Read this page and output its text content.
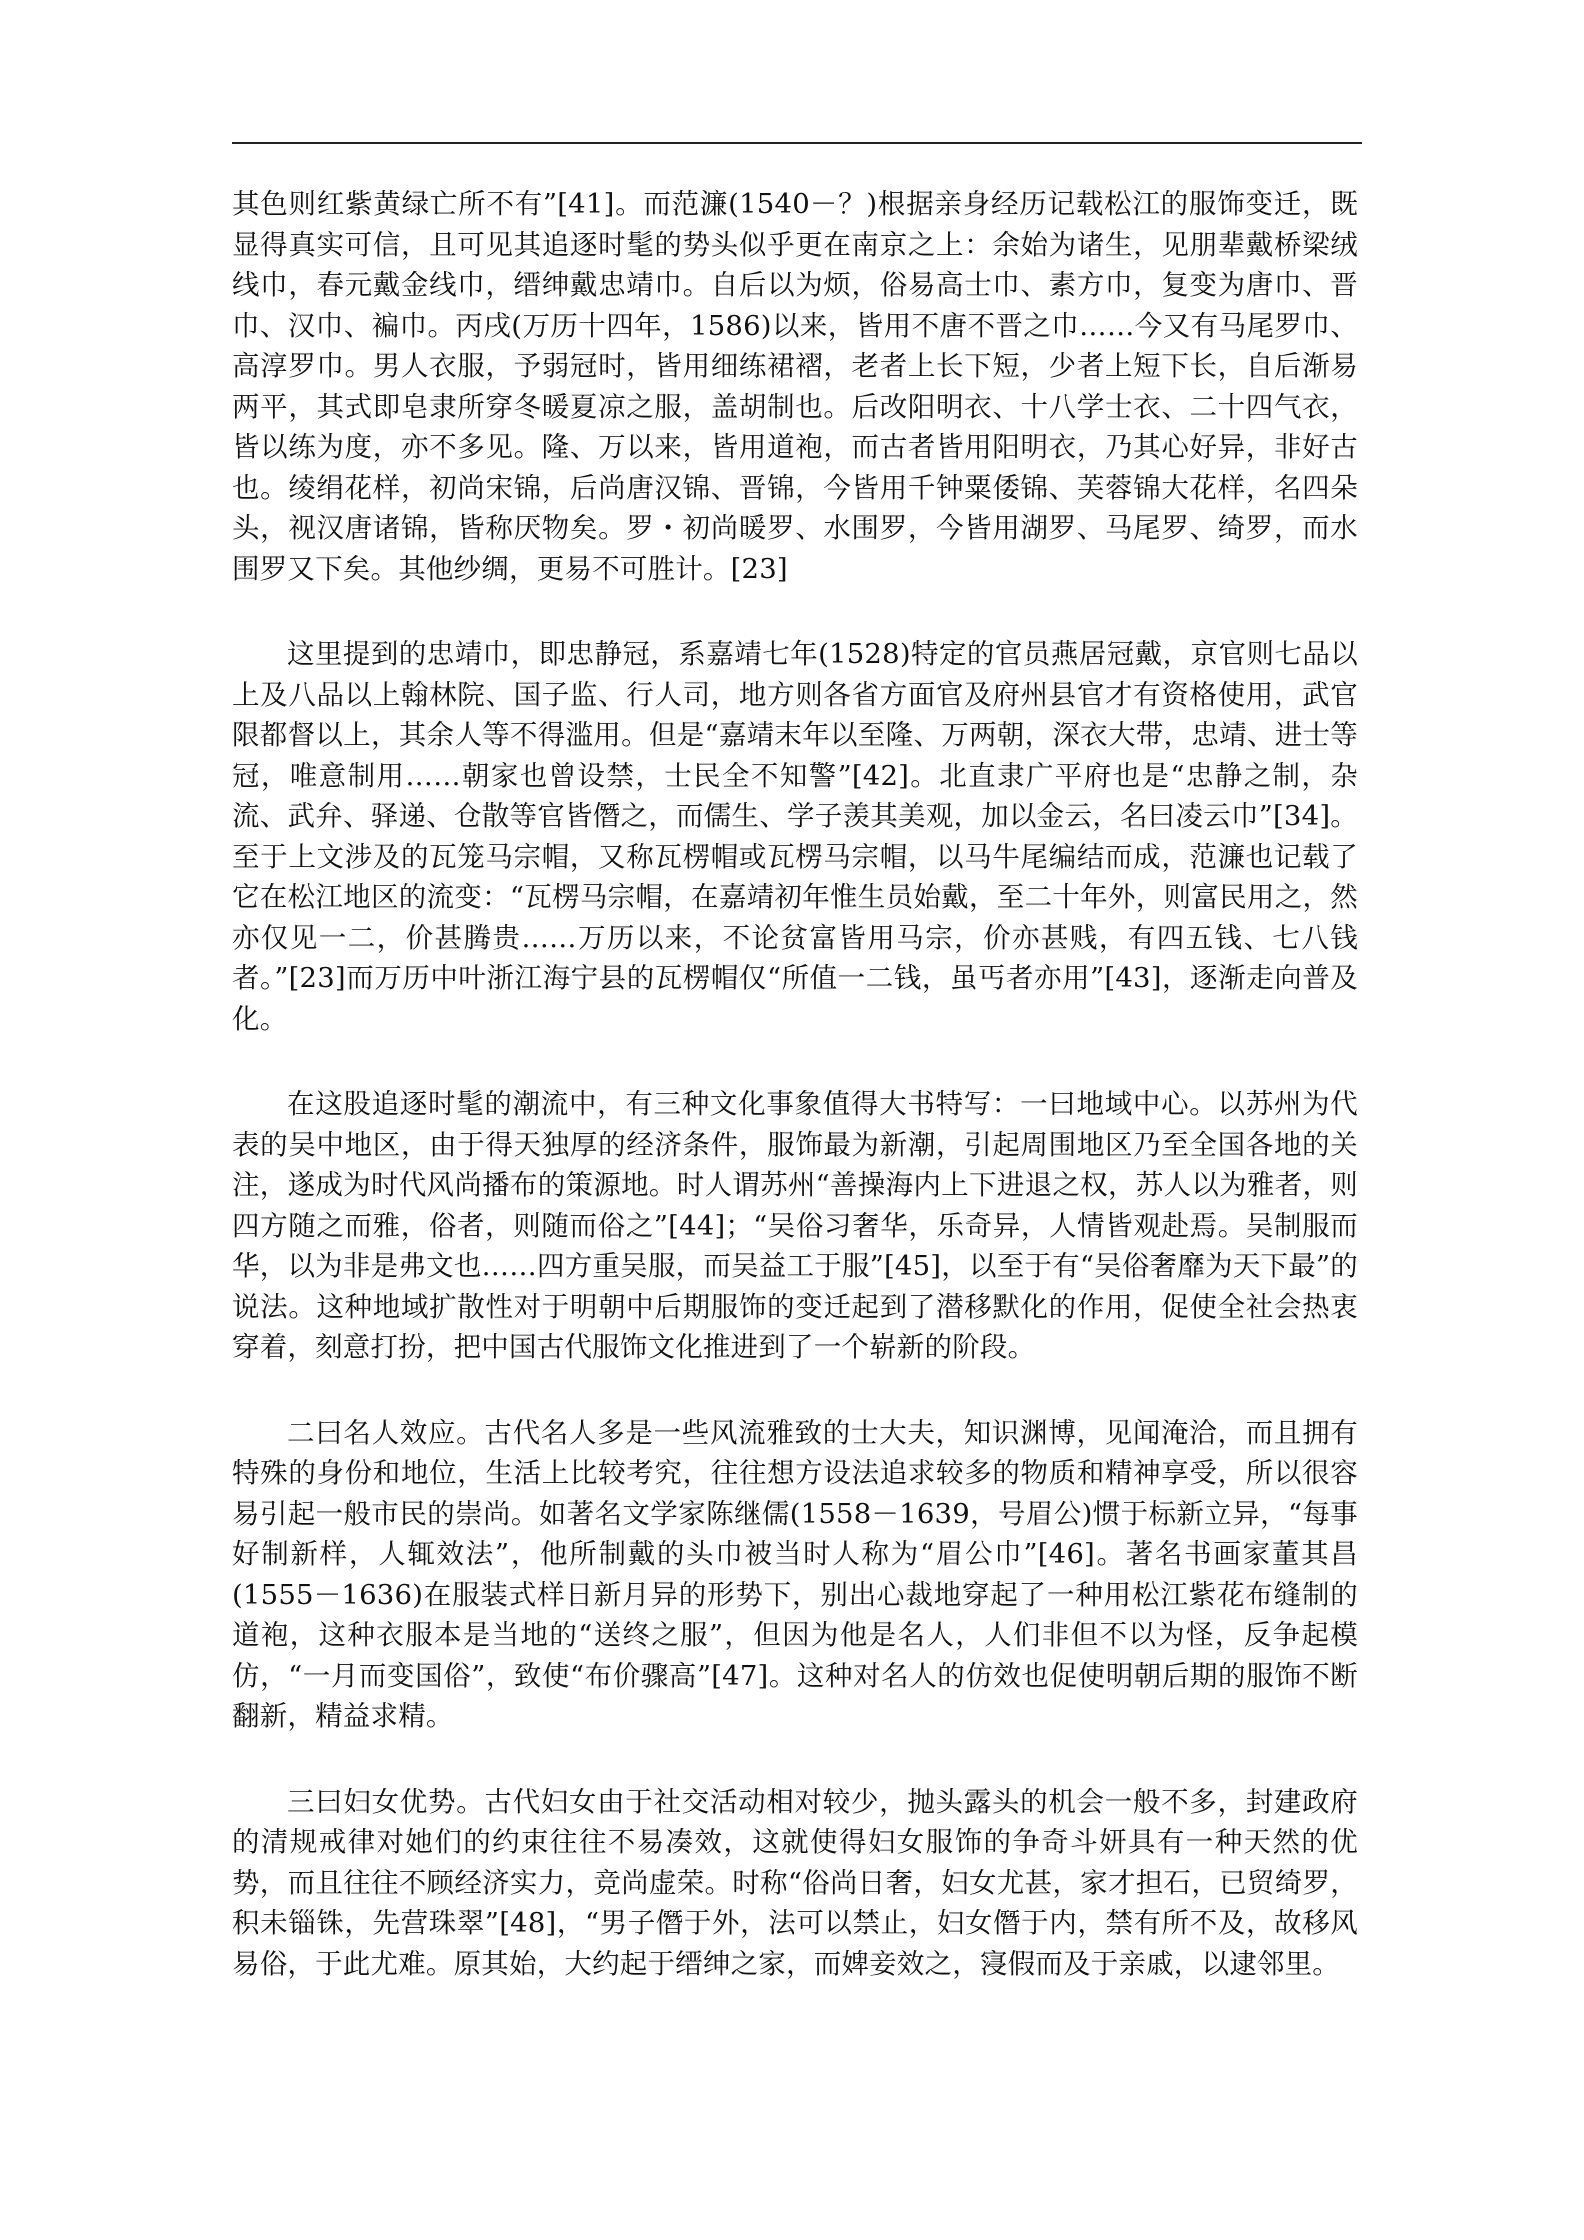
其色则红紫黄绿亡所不有”[41]。而范濂(1540－？)根据亲身经历记载松江的服饰变迁，既显得真实可信，且可见其追逐时髦的势头似乎更在南京之上：余始为诸生，见朋辈戴桥梁绒线巾，春元戴金线巾，缙绅戴忠靖巾。自后以为烦，俗易高士巾、素方巾，复变为唐巾、晋巾、汉巾、褊巾。丙戌(万历十四年，1586)以来，皆用不唐不晋之巾……今又有马尾罗巾、高淳罗巾。男人衣服，予弱冠时，皆用细练裙褶，老者上长下短，少者上短下长，自后渐易两平，其式即皂隶所穿冬暖夏凉之服，盖胡制也。后改阳明衣、十八学士衣、二十四气衣，皆以练为度，亦不多见。隆、万以来，皆用道袍，而古者皆用阳明衣，乃其心好异，非好古也。绫绢花样，初尚宋锦，后尚唐汉锦、晋锦，今皆用千钟粟倭锦、芙蓉锦大花样，名四朵头，视汉唐诸锦，皆称厌物矣。罗・初尚暖罗、水围罗，今皆用湖罗、马尾罗、绮罗，而水围罗又下矣。其他纱绸，更易不可胜计。[23]

这里提到的忠靖巾，即忠静冠，系嘉靖七年(1528)特定的官员燕居冠戴，京官则七品以上及八品以上翰林院、国子监、行人司，地方则各省方面官及府州县官才有资格使用，武官限都督以上，其余人等不得滥用。但是“嘉靖末年以至隆、万两朝，深衣大带，忠靖、进士等冠，唯意制用……朝家也曾设禁，士民全不知警”[42]。北直隶广平府也是“忠静之制，杂流、武弁、驿递、仓散等官皆僭之，而儒生、学子羡其美观，加以金云，名曰凌云巾”[34]。至于上文涉及的瓦笼马宗帽，又称瓦楞帽或瓦楞马宗帽，以马牛尾编结而成，范濂也记载了它在松江地区的流变：“瓦楞马宗帽，在嘉靖初年惟生员始戴，至二十年外，则富民用之，然亦仅见一二，价甚腾贵……万历以来，不论贫富皆用马宗，价亦甚贱，有四五钱、七八钱者。”[23]而万历中叶浙江海宁县的瓦楞帽仅“所值一二钱，虽丐者亦用”[43]，逐渐走向普及化。

在这股追逐时髦的潮流中，有三种文化事象值得大书特写：一曰地域中心。以苏州为代表的吴中地区，由于得天独厚的经济条件，服饰最为新潮，引起周围地区乃至全国各地的关注，遂成为时代风尚播布的策源地。时人谓苏州“善操海内上下进退之权，苏人以为雅者，则四方随之而雅，俗者，则随而俗之”[44]；“吴俗习奢华，乐奇异，人情皆观赴焉。吴制服而华，以为非是弗文也……四方重吴服，而吴益工于服”[45]，以至于有“吴俗奢靡为天下最”的说法。这种地域扩散性对于明朝中后期服饰的变迁起到了潜移默化的作用，促使全社会热衷穿着，刻意打扮，把中国古代服饰文化推进到了一个崭新的阶段。

二曰名人效应。古代名人多是一些风流雅致的士大夫，知识渊博，见闻淹洽，而且拥有特殊的身份和地位，生活上比较考究，往往想方设法追求较多的物质和精神享受，所以很容易引起一般市民的崇尚。如著名文学家陈继儒(1558－1639，号眉公)惯于标新立异，“每事好制新样，人辄效法”，他所制戴的头巾被当时人称为“眉公巾”[46]。著名书画家董其昌(1555－1636)在服装式样日新月异的形势下，别出心裁地穿起了一种用松江紫花布缝制的道袍，这种衣服本是当地的“送终之服”，但因为他是名人，人们非但不以为怪，反争起模仿，“一月而变国俗”，致使“布价骤高”[47]。这种对名人的仿效也促使明朝后期的服饰不断翻新，精益求精。

三曰妇女优势。古代妇女由于社交活动相对较少，抛头露头的机会一般不多，封建政府的清规戒律对她们的约束往往不易凑效，这就使得妇女服饰的争奇斗妍具有一种天然的优势，而且往往不顾经济实力，竞尚虚荣。时称“俗尚日奢，妇女尤甚，家才担石，已贸绮罗，积未锱铢，先营珠翠”[48]，“男子僭于外，法可以禁止，妇女僭于内，禁有所不及，故移风易俗，于此尤难。原其始，大约起于缙绅之家，而婢妾效之，寖假而及于亲戚，以逮邻里。
